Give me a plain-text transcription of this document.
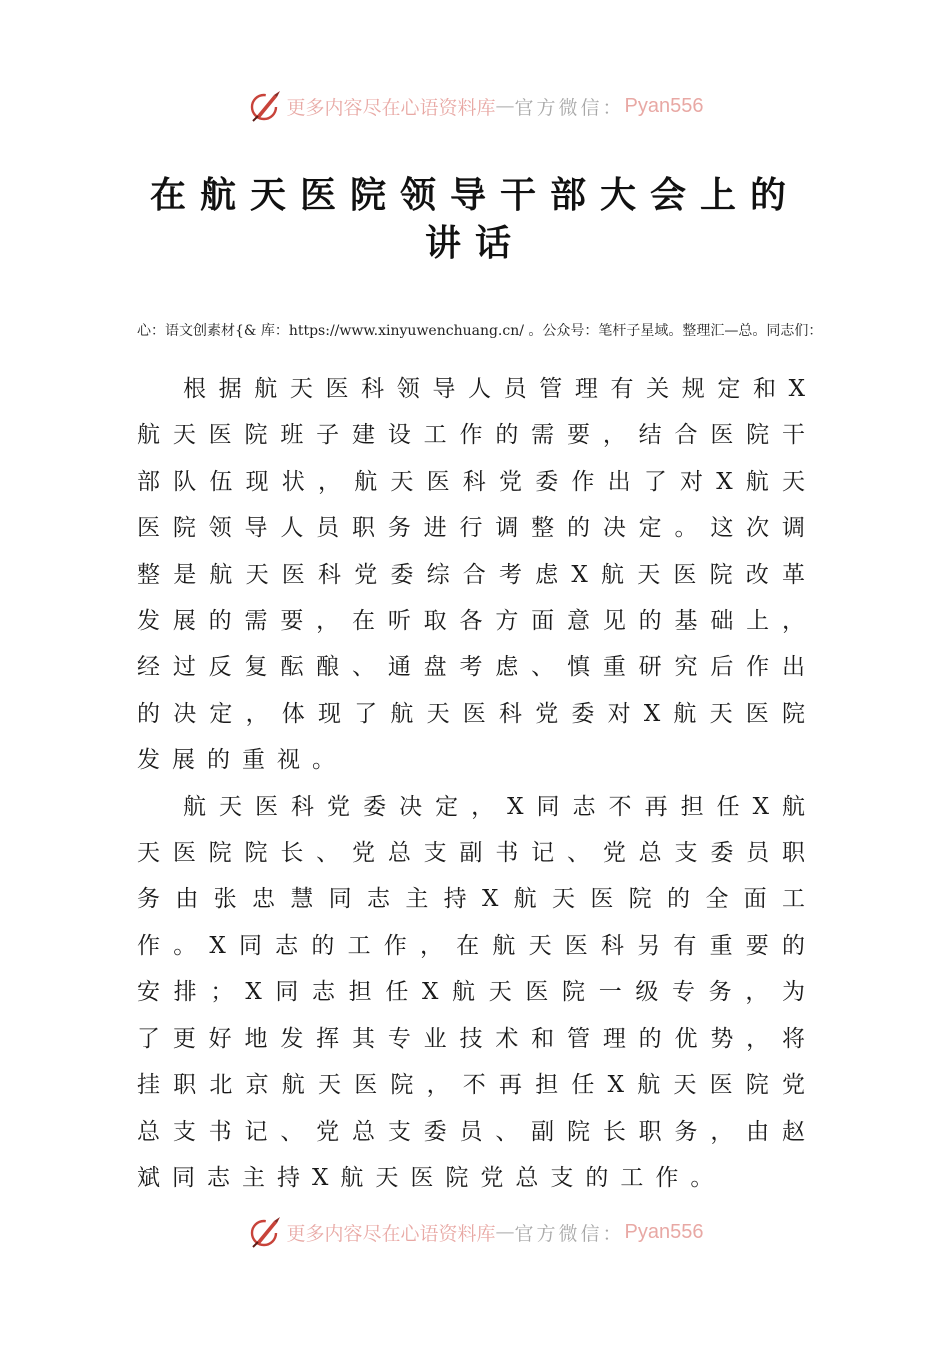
更多内容尽在心语资料库 — 官方微信： Pyan556
在航天医院领导干部大会上的
讲话

心：语文创素材{& 库：https://www.xinyuwenchuang.cn/ 。公众号：笔杆子星域。整理汇—总。同志们：

根据航天医科领导人员管理有关规定和X航天医院班子建设工作的需要，结合医院干部队伍现状，航天医科党委作出了对X航天医院领导人员职务进行调整的决定。这次调整是航天医科党委综合考虑X航天医院改革发展的需要，在听取各方面意见的基础上，经过反复酝酿、通盘考虑、慎重研究后作出的决定，体现了航天医科党委对X航天医院发展的重视。

航天医科党委决定，X同志不再担任X航天医院院长、党总支副书记、党总支委员职务由张忠慧同志主持X航天医院的全面工作。X同志的工作，在航天医科另有重要的安排；X同志担任X航天医院一级专务，为了更好地发挥其专业技术和管理的优势，将挂职北京航天医院，不再担任X航天医院党总支书记、党总支委员、副院长职务，由赵斌同志主持X航天医院党总支的工作。

更多内容尽在心语资料库 — 官方微信： Pyan556
